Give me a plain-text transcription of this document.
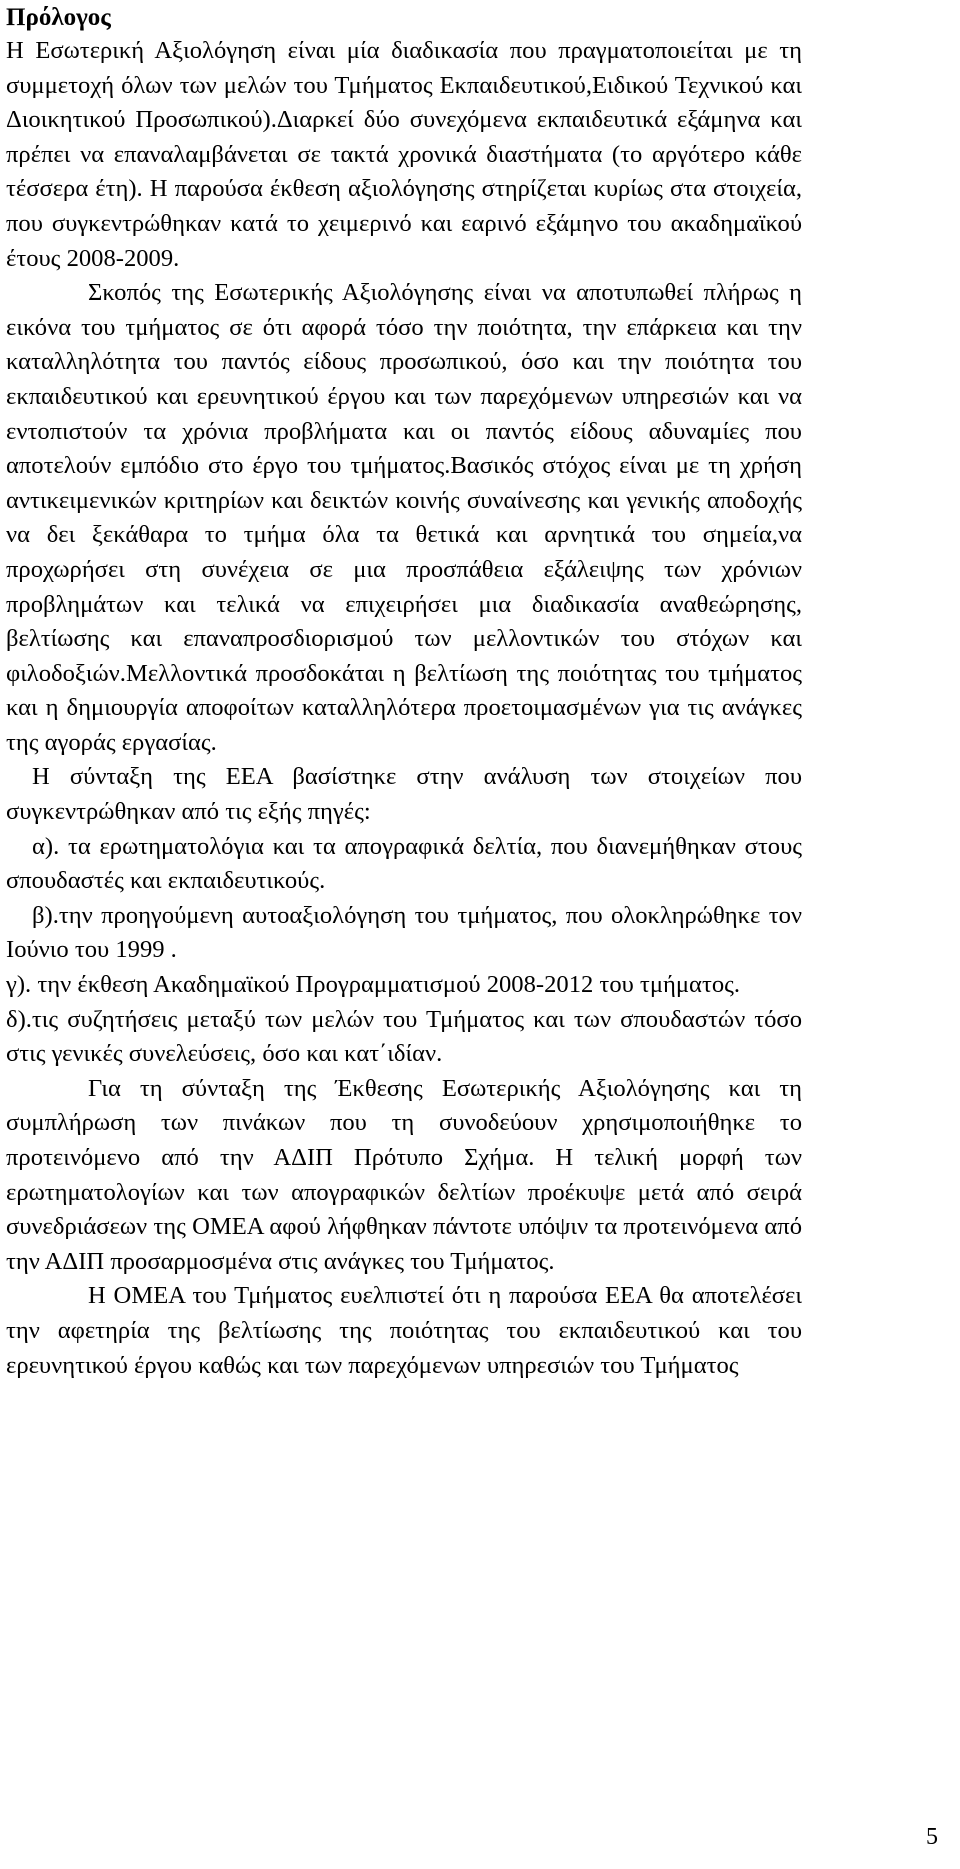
Πρόλογος

Η Εσωτερική Αξιολόγηση είναι μία διαδικασία που πραγματοποιείται με τη συμμετοχή όλων των μελών του Τμήματος Εκπαιδευτικού,Ειδικού Τεχνικού και Διοικητικού Προσωπικού).Διαρκεί δύο συνεχόμενα εκπαιδευτικά εξάμηνα και πρέπει να επαναλαμβάνεται σε τακτά χρονικά διαστήματα (το αργότερο κάθε τέσσερα έτη). Η παρούσα έκθεση αξιολόγησης στηρίζεται κυρίως στα στοιχεία, που συγκεντρώθηκαν κατά το χειμερινό και εαρινό εξάμηνο του ακαδημαϊκού έτους 2008-2009.

Σκοπός της Εσωτερικής Αξιολόγησης είναι να αποτυπωθεί πλήρως η εικόνα του τμήματος σε ότι αφορά τόσο την ποιότητα, την επάρκεια και την καταλληλότητα του παντός είδους προσωπικού, όσο και την ποιότητα του εκπαιδευτικού και ερευνητικού έργου και των παρεχόμενων υπηρεσιών και να εντοπιστούν τα χρόνια προβλήματα και οι παντός είδους αδυναμίες που αποτελούν εμπόδιο στο έργο του τμήματος.Βασικός στόχος είναι με τη χρήση αντικειμενικών κριτηρίων και δεικτών κοινής συναίνεσης και γενικής αποδοχής να δει ξεκάθαρα το τμήμα όλα τα θετικά και αρνητικά του σημεία,να προχωρήσει στη συνέχεια σε μια προσπάθεια εξάλειψης των χρόνιων προβλημάτων και τελικά να επιχειρήσει μια διαδικασία αναθεώρησης, βελτίωσης και επαναπροσδιορισμού των μελλοντικών του στόχων και φιλοδοξιών.Μελλοντικά προσδοκάται η βελτίωση της ποιότητας του τμήματος και η δημιουργία αποφοίτων καταλληλότερα προετοιμασμένων για τις ανάγκες της αγοράς εργασίας.

Η σύνταξη της ΕΕΑ βασίστηκε στην ανάλυση των στοιχείων που συγκεντρώθηκαν από τις εξής πηγές:

α). τα ερωτηματολόγια και τα απογραφικά δελτία, που διανεμήθηκαν στους σπουδαστές και εκπαιδευτικούς.

β).την προηγούμενη αυτοαξιολόγηση του τμήματος, που ολοκληρώθηκε τον Ιούνιο του 1999 .

γ). την έκθεση Ακαδημαϊκού Προγραμματισμού 2008-2012 του τμήματος.

δ).τις συζητήσεις μεταξύ των μελών του Τμήματος και των σπουδαστών τόσο στις γενικές συνελεύσεις, όσο και κατ΄ιδίαν.

Για τη σύνταξη της Έκθεσης Εσωτερικής Αξιολόγησης και τη συμπλήρωση των πινάκων που τη συνοδεύουν χρησιμοποιήθηκε το προτεινόμενο από την ΑΔΙΠ Πρότυπο Σχήμα. Η τελική μορφή των ερωτηματολογίων και των απογραφικών δελτίων προέκυψε μετά από σειρά συνεδριάσεων της ΟΜΕΑ αφού λήφθηκαν πάντοτε υπόψιν τα προτεινόμενα από την ΑΔΙΠ προσαρμοσμένα στις ανάγκες του Τμήματος.

Η ΟΜΕΑ του Τμήματος ευελπιστεί ότι η παρούσα ΕΕΑ θα αποτελέσει την αφετηρία της βελτίωσης της ποιότητας του εκπαιδευτικού και του ερευνητικού έργου καθώς και των παρεχόμενων υπηρεσιών του Τμήματος

5
